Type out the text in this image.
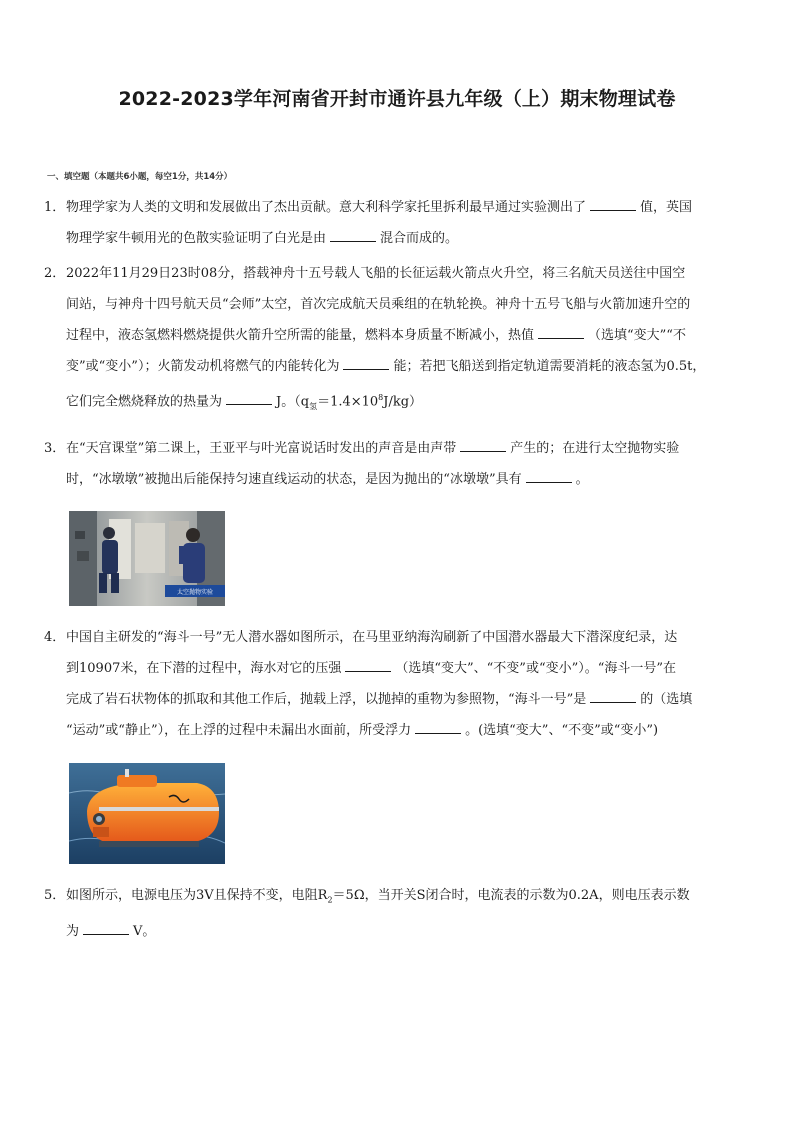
2022-2023学年河南省开封市通许县九年级（上）期末物理试卷
一、填空题（本题共6小题，每空1分，共14分）
1．物理学家为人类的文明和发展做出了杰出贡献。意大利科学家托里拆利最早通过实验测出了	值，英国
物理学家牛顿用光的色散实验证明了白光是由	混合而成的。
2．2022年11月29日23时08分，搭载神舟十五号载人飞船的长征运载火箭点火升空，将三名航天员送往中国空
间站，与神舟十四号航天员“会师”太空，首次完成航天员乘组的在轨轮换。神舟十五号飞船与火箭加速升空的
过程中，液态氢燃料燃烧提供火箭升空所需的能量，燃料本身质量不断减小，热值	（选填“变大”“不
变”或“变小”）；火箭发动机将燃气的内能转化为	能；若把飞船送到指定轨道需要消耗的液态氢为0.5t，
它们完全燃烧释放的热量为	J。$(q_氢=1.4\times 10^8J/kg)$
3．在“天宫课堂”第二课上，王亚平与叶光富说话时发出的声音是由声带	产生的；在进行太空抛物实验
时，“冰墩墩”被抛出后能保持匀速直线运动的状态，是因为抛出的“冰墩墩”具有	。
太空抛物实验
4．中国自主研发的“海斗一号”无人潜水器如图所示，在马里亚纳海沟刷新了中国潜水器最大下潜深度纪录，达
到10907米，在下潜的过程中，海水对它的压强	（选填“变大”、“不变”或“变小”）。“海斗一号”在
完成了岩石状物体的抓取和其他工作后，抛载上浮，以抛掉的重物为参照物，“海斗一号”是	的（选填
“运动”或“静止”），在上浮的过程中未漏出水面前，所受浮力	。(选填“变大”、“不变”或“变小”)
5．如图所示，电源电压为3V且保持不变，电阻$R_2=5\Omega$，当开关S闭合时，电流表的示数为0.2A，则电压表示数
为	V。
